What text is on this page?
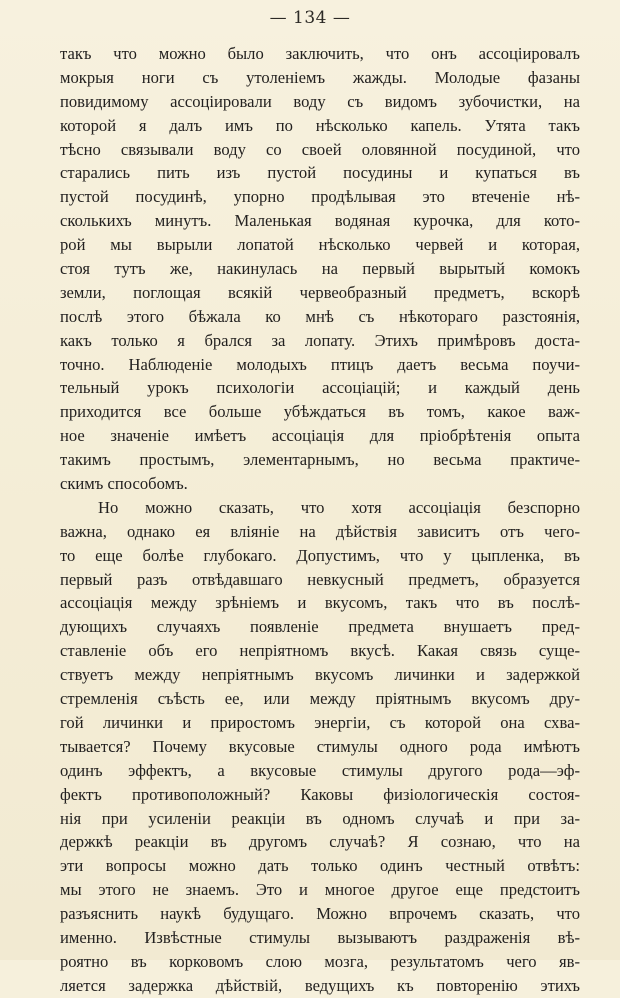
— 134 —
такъ что можно было заключить, что онъ ассоцiировалъ
мокрыя ноги съ утоленiемъ жажды. Молодые фазаны
повидимому ассоцiировали воду съ видомъ зубочистки, на
которой я далъ имъ по нѣсколько капель. Утята такъ
тѣсно связывали воду со своей оловянной посудиной, что
старались пить изъ пустой посудины и купаться въ
пустой посудинѣ, упорно продѣлывая это втеченiе нѣ-
сколькихъ минутъ. Маленькая водяная курочка, для кото-
рой мы вырыли лопатой нѣсколько червей и которая,
стоя тутъ же, накинулась на первый вырытый комокъ
земли, поглощая всякiй червеобразный предметъ, вскорѣ
послѣ этого бѣжала ко мнѣ съ нѣкотораго разстоянiя,
какъ только я брался за лопату. Этихъ примѣровъ доста-
точно. Наблюденiе молодыхъ птицъ даетъ весьма поучи-
тельный урокъ психологiи ассоцiацiй; и каждый день
приходится все больше убѣждаться въ томъ, какое важ-
ное значенiе имѣетъ ассоцiацiя для прiобрѣтенiя опыта
такимъ простымъ, элементарнымъ, но весьма практиче-
скимъ способомъ.
Но можно сказать, что хотя ассоцiацiя безспорно
важна, однако ея влiянiе на дѣйствiя зависитъ отъ чего-
то еще болѣе глубокаго. Допустимъ, что у цыпленка, въ
первый разъ отвѣдавшаго невкусный предметъ, образуется
ассоцiацiя между зрѣнiемъ и вкусомъ, такъ что въ послѣ-
дующихъ случаяхъ появленiе предмета внушаетъ пред-
ставленiе объ его непрiятномъ вкусѣ. Какая связь суще-
ствуетъ между непрiятнымъ вкусомъ личинки и задержкой
стремленiя съѣсть ее, или между прiятнымъ вкусомъ дру-
гой личинки и приростомъ энергiи, съ которой она схва-
тывается? Почему вкусовые стимулы одного рода имѣютъ
одинъ эффектъ, а вкусовые стимулы другого рода—эф-
фектъ противоположный? Каковы физiологическiя состоя-
нiя при усиленiи реакцiи въ одномъ случаѣ и при за-
держкѣ реакцiи въ другомъ случаѣ? Я сознаю, что на
эти вопросы можно дать только одинъ честный отвѣтъ:
мы этого не знаемъ. Это и многое другое еще предстоитъ
разъяснить наукѣ будущаго. Можно впрочемъ сказать, что
именно. Извѣстные стимулы вызываютъ раздраженiя вѣ-
роятно въ корковомъ слою мозга, результатомъ чего яв-
ляется задержка дѣйствiй, ведущихъ къ повторенiю этихъ
